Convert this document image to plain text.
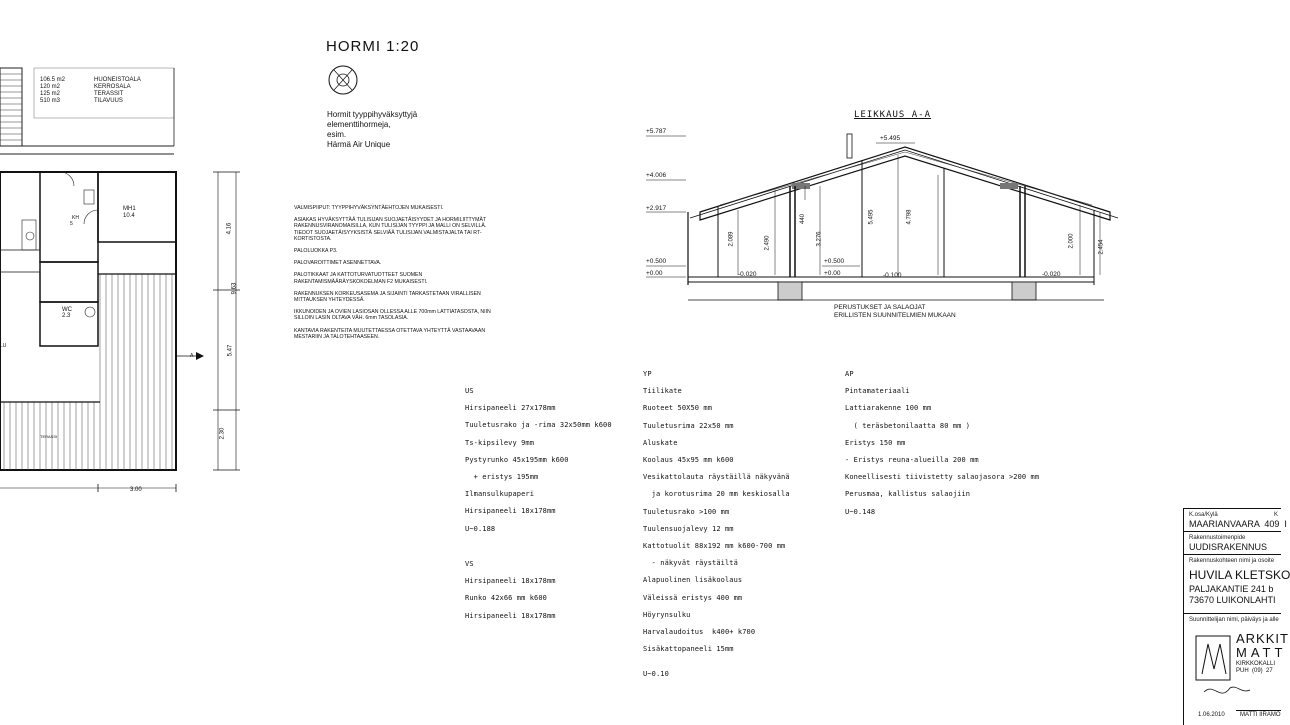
106.5 m2	HUONEISTOALA
120 m2	KERROSALA
125 m2	TERASSIT
510 m3	TILAVUUS
MH1
10.4
KH
5
WC
2.3
LU
TERASSI
A
4.16
5.47
9.63
2.30
3.00
HORMI 1:20
Hormit tyyppihyväksyttyjä
elementtihormeja,
esim.
Härmä Air Unique
VALMISPIIPUT: TYYPPIHYVÄKSYNTÄEHTOJEN MUKAISESTI.
ASIAKAS HYVÄKSYTTÄÄ TULISIJAN SUOJAETÄISYYDET JA HORMILIITTYMÄT RAKENNUSVIRANOMAISILLA, KUN TULISIJAN TYYPPI JA MALLI ON SELVILLÄ. TIEDOT SUOJAETÄISYYKSISTÄ SELVIÄÄ TULISIJAN VALMISTAJALTA TAI RT-KORTISTOSTA.
PALOLUOKKA P3.
PALOVAROITTIMET ASENNETTAVA.
PALOTIKKAAT JA KATTOTURVATUOTTEET SUOMEN RAKENTAMISMÄÄRÄYSKOKOELMAN F2 MUKAISESTI.
RAKENNUKSEN KORKEUSASEMA JA SIJAINTI TARKASTETAAN VIRALLISEN MITTAUKSEN YHTEYDESSÄ.
IKKUNOIDEN JA OVIEN LASIOSAN OLLESSA ALLE 700mm LATTIATASOSTA, NIIN SILLOIN LASIN OLTAVA VÄH. 6mm TASOLASIA.
KANTAVIA RAKENTEITA MUUTETTAESSA OTETTAVA YHTEYTTÄ VASTAAVAAN MESTARIIN JA TALOTEHTAASEEN.
LEIKKAUS A-A
+5.787
+4.006
+2.917
+0.500
+0.00
+5.495
+0.500
+0.00
2.089	2.490
440
3.276
5.495	4.798
2.000	2.454
-0.020	-0.100	-0.020
PERUSTUKSET JA SALAOJAT
ERILLISTEN SUUNNITELMIEN MUKAAN
US
Hirsipaneeli 27x178mm
Tuuletusrako ja -rima 32x50mm k600
Ts-kipsilevy 9mm
Pystyrunko 45x195mm k600
+ eristys 195mm
Ilmansulkupaperi
Hirsipaneeli 18x178mm
U~0.188
VS
Hirsipaneeli 18x178mm
Runko 42x66 mm k600
Hirsipaneeli 18x178mm
YP
Tiilikate
Ruoteet 50X50 mm
Tuuletusrima 22x50 mm
Aluskate
Koolaus 45x95 mm k600
Vesikattolauta räystäillä näkyvänä
ja korotusrima 20 mm keskiosalla
Tuuletusrako >100 mm
Tuulensuojalevy 12 mm
Kattotuolit 88x192 mm k600-700 mm
- näkyvät räystäiltä
Alapuolinen lisäkoolaus
Väleissä eristys 400 mm
Höyrynsulku
Harvalaudoitus  k400+ k700
Sisäkattopaneeli 15mm
U~0.10
AP
Pintamateriaali
Lattiarakenne 100 mm
( teräsbetonilaatta 80 mm )
Eristys 150 mm
- Eristys reuna-alueilla 200 mm
Koneellisesti tiivistetty salaojasora >200 mm
Perusmaa, kallistus salaojiin
U~0.148	K.osa/Kylä	K
MAARIANVAARA  409  I
Rakennustoimenpide
UUDISRAKENNUS
Rakennuskohteen nimi ja osoite
HUVILA KLETSKO
PALJAKANTIE 241 b
73670 LUIKONLAHTI
Suunnittelijan nimi, päiväys ja alle
ARKKIT
MATT
KIRKKOKALLI
PUH  (09)  27
1.06.2010	MATTI IIRAMO
